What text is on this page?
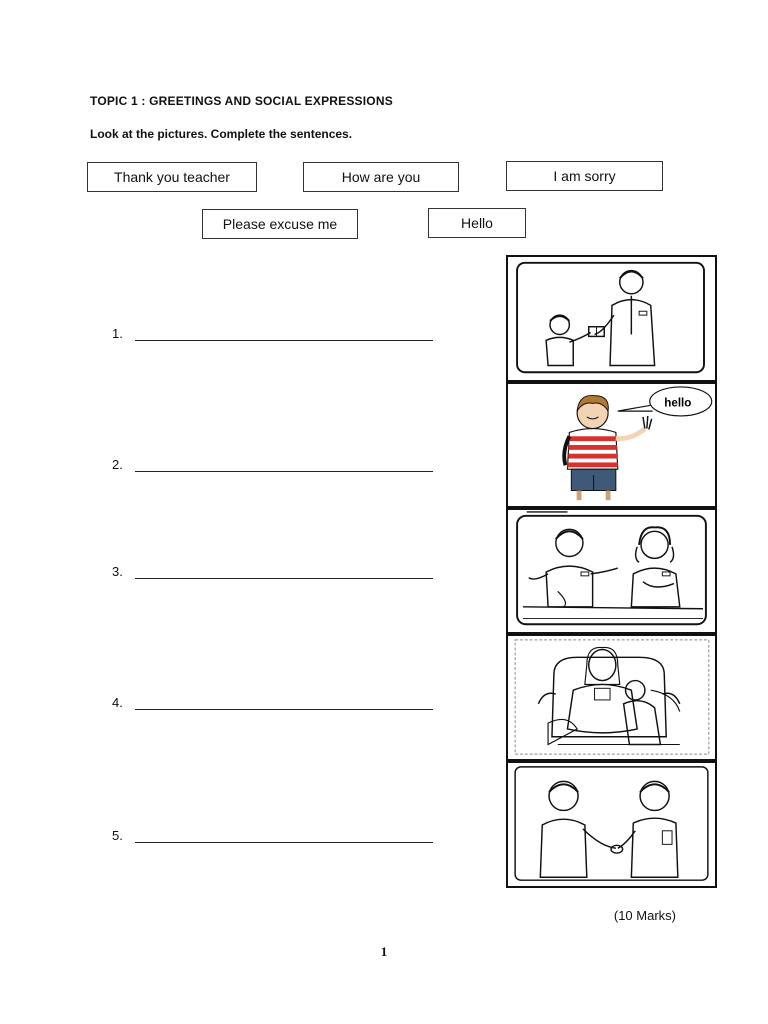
TOPIC 1 : GREETINGS AND SOCIAL EXPRESSIONS
Look at the pictures. Complete the sentences.
Thank you teacher	How are you	I am sorry
Please excuse me	Hello
1.
2.
3.
4.
5.
hello
(10 Marks)
1
